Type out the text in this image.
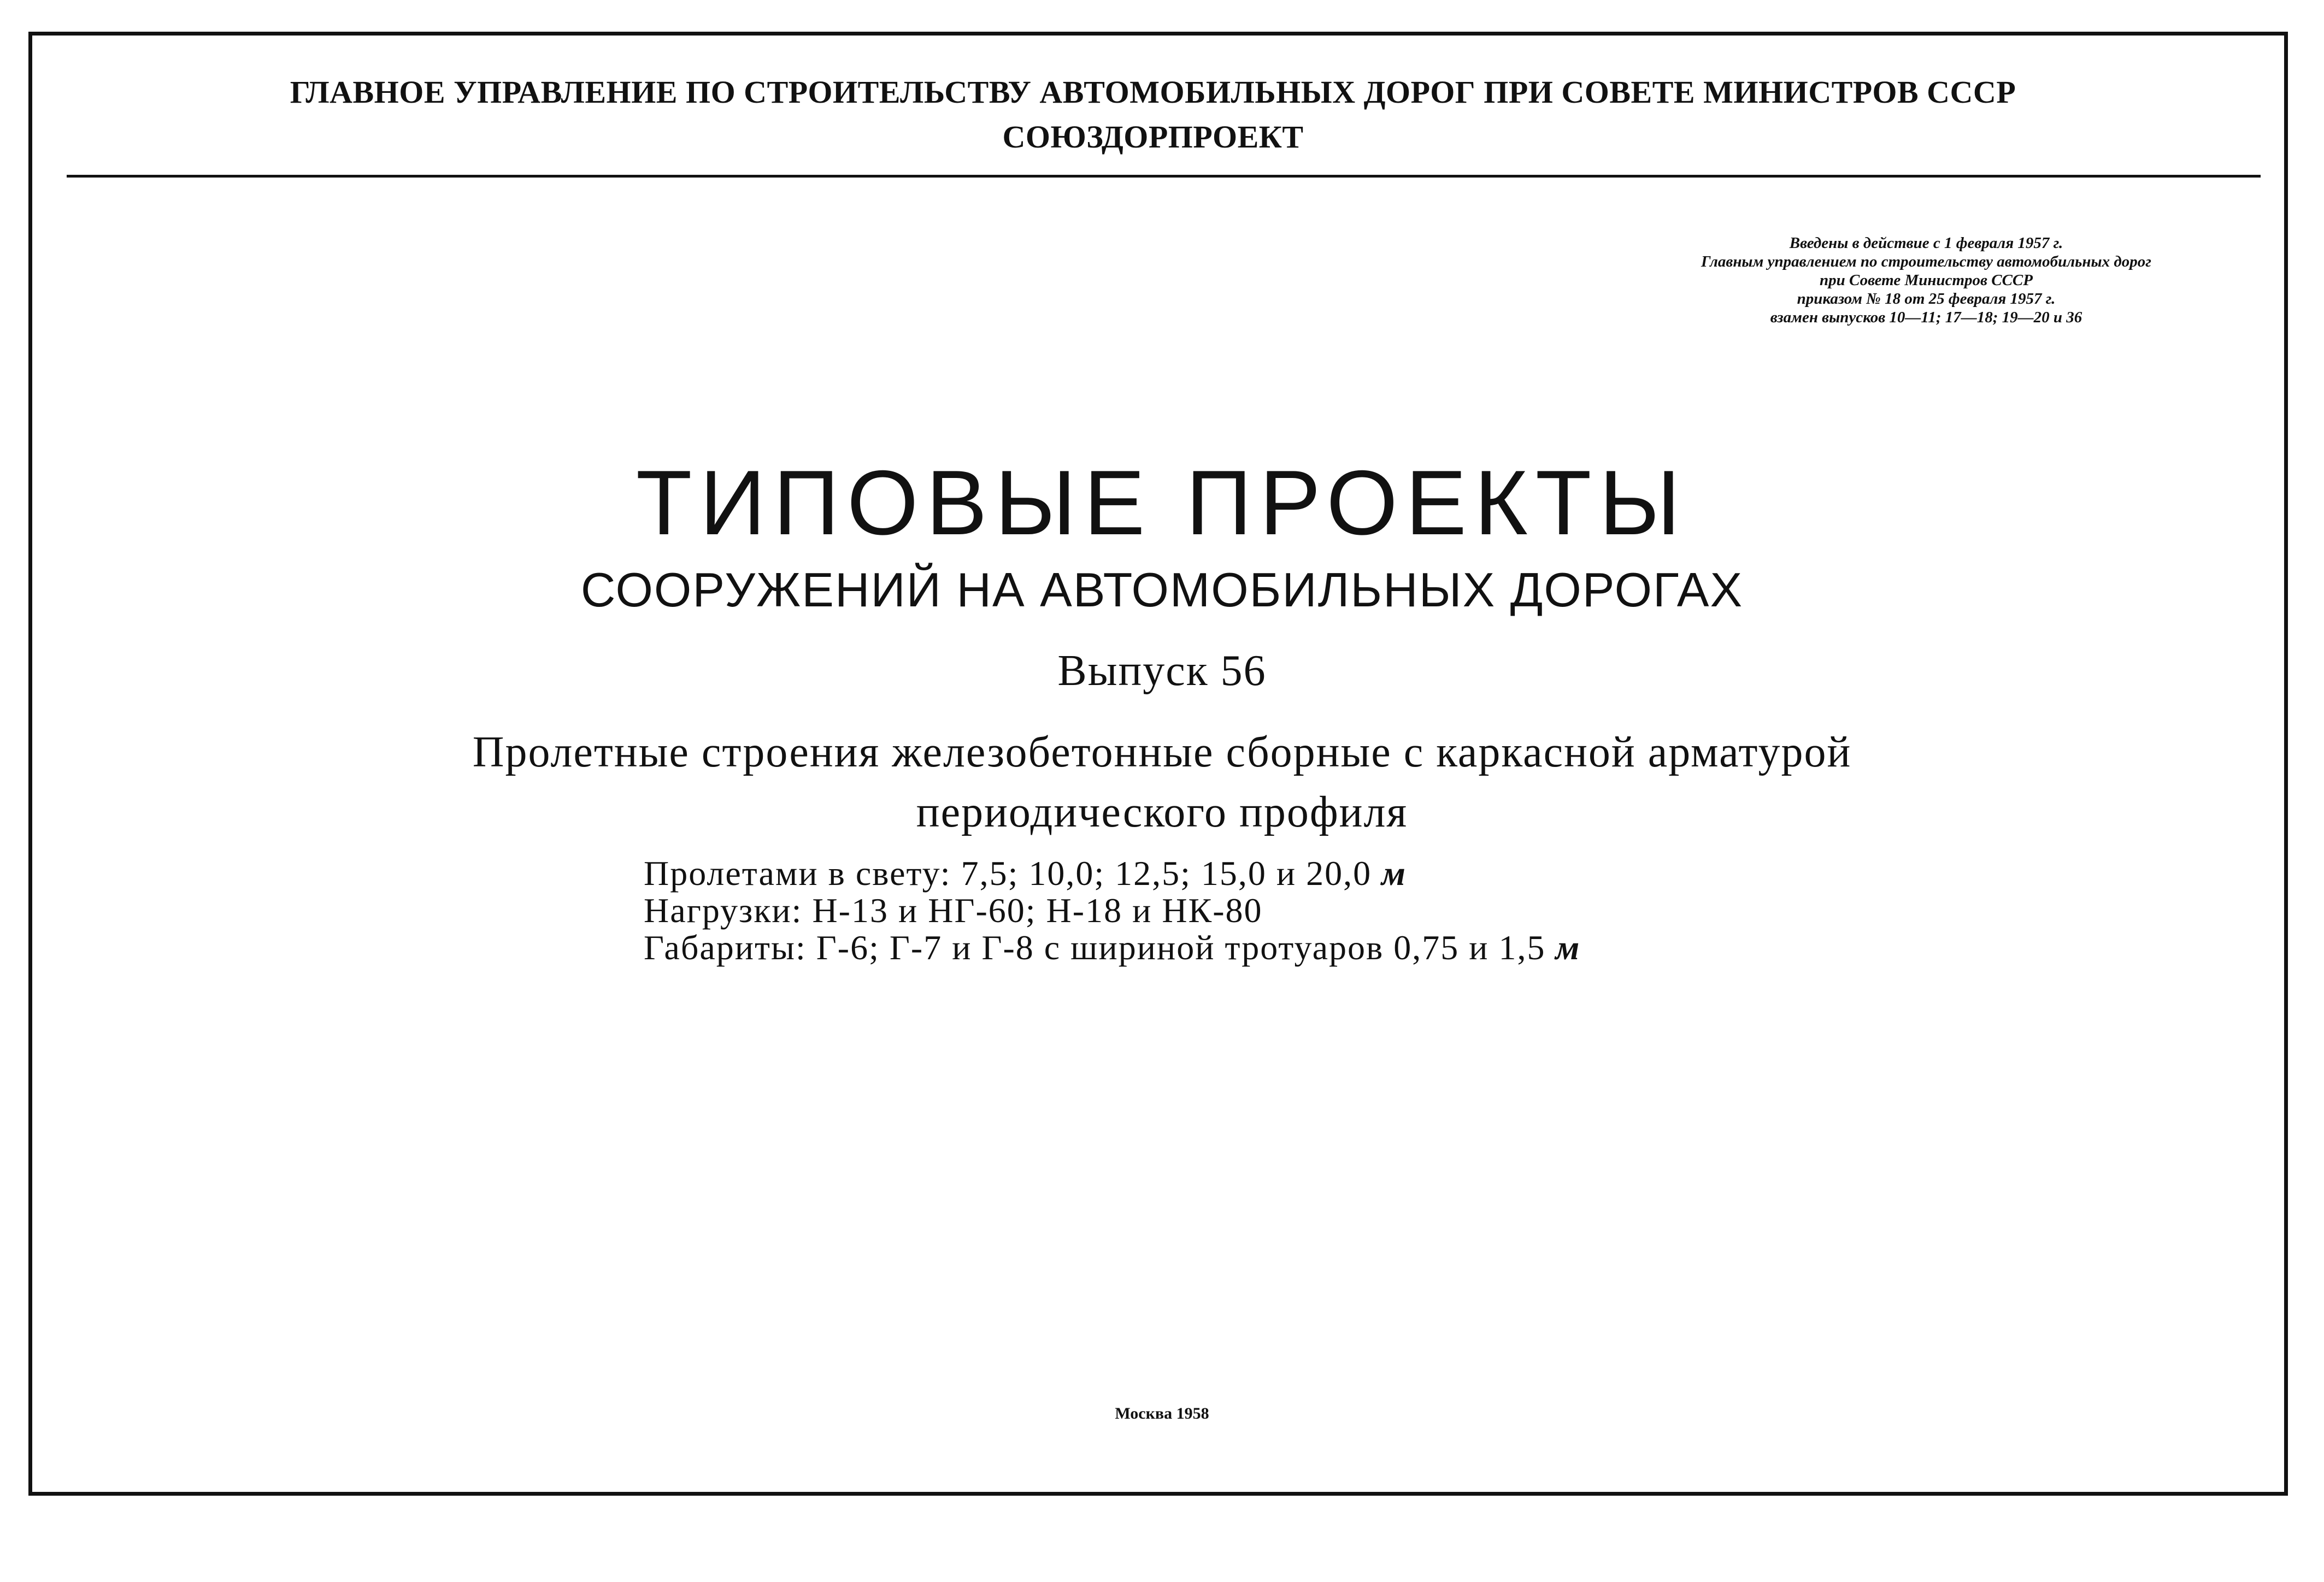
ГЛАВНОЕ УПРАВЛЕНИЕ ПО СТРОИТЕЛЬСТВУ АВТОМОБИЛЬНЫХ ДОРОГ ПРИ СОВЕТЕ МИНИСТРОВ СССР
СОЮЗДОРПРОЕКТ
Введены в действие с 1 февраля 1957 г.
Главным управлением по строительству автомобильных дорог
при Совете Министров СССР
приказом № 18 от 25 февраля 1957 г.
взамен выпусков 10—11; 17—18; 19—20 и 36
ТИПОВЫЕ ПРОЕКТЫ
СООРУЖЕНИЙ НА АВТОМОБИЛЬНЫХ ДОРОГАХ
Выпуск 56
Пролетные строения железобетонные сборные с каркасной арматурой
периодического профиля
Пролетами в свету: 7,5; 10,0; 12,5; 15,0 и 20,0 м
Нагрузки: Н-13 и НГ-60; Н-18 и НК-80
Габариты: Г-6; Г-7 и Г-8 с шириной тротуаров 0,75 и 1,5 м
Москва 1958
